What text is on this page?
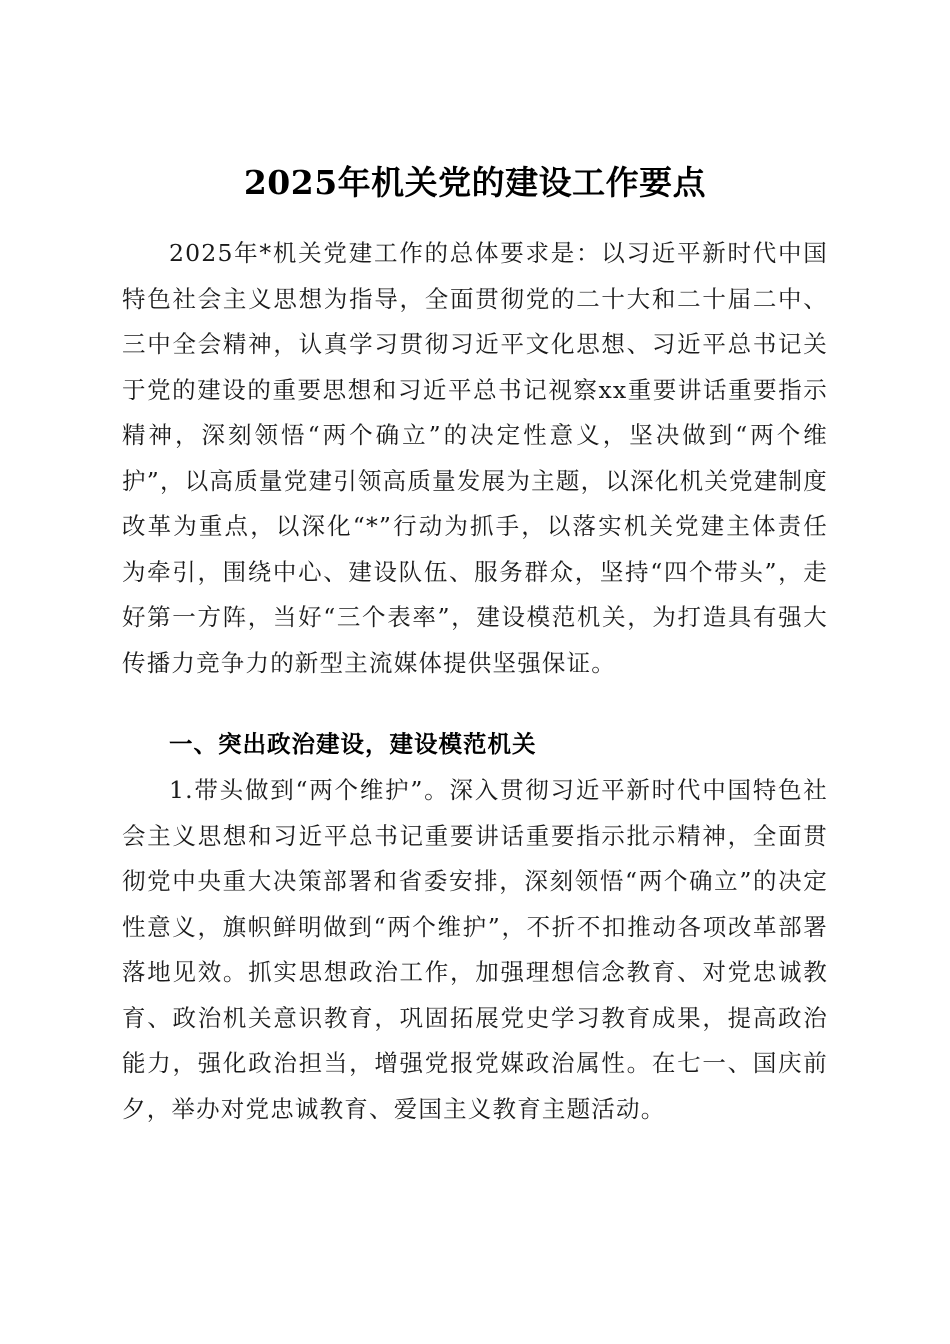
2025年机关党的建设工作要点

2025年*机关党建工作的总体要求是：以习近平新时代中国特色社会主义思想为指导，全面贯彻党的二十大和二十届二中、三中全会精神，认真学习贯彻习近平文化思想、习近平总书记关于党的建设的重要思想和习近平总书记视察xx重要讲话重要指示精神，深刻领悟“两个确立”的决定性意义，坚决做到“两个维护”，以高质量党建引领高质量发展为主题，以深化机关党建制度改革为重点，以深化“*”行动为抓手，以落实机关党建主体责任为牵引，围绕中心、建设队伍、服务群众，坚持“四个带头”，走好第一方阵，当好“三个表率”，建设模范机关，为打造具有强大传播力竞争力的新型主流媒体提供坚强保证。

一、突出政治建设，建设模范机关

1.带头做到“两个维护”。深入贯彻习近平新时代中国特色社会主义思想和习近平总书记重要讲话重要指示批示精神，全面贯彻党中央重大决策部署和省委安排，深刻领悟“两个确立”的决定性意义，旗帜鲜明做到“两个维护”，不折不扣推动各项改革部署落地见效。抓实思想政治工作，加强理想信念教育、对党忠诚教育、政治机关意识教育，巩固拓展党史学习教育成果，提高政治能力，强化政治担当，增强党报党媒政治属性。在七一、国庆前夕，举办对党忠诚教育、爱国主义教育主题活动。
